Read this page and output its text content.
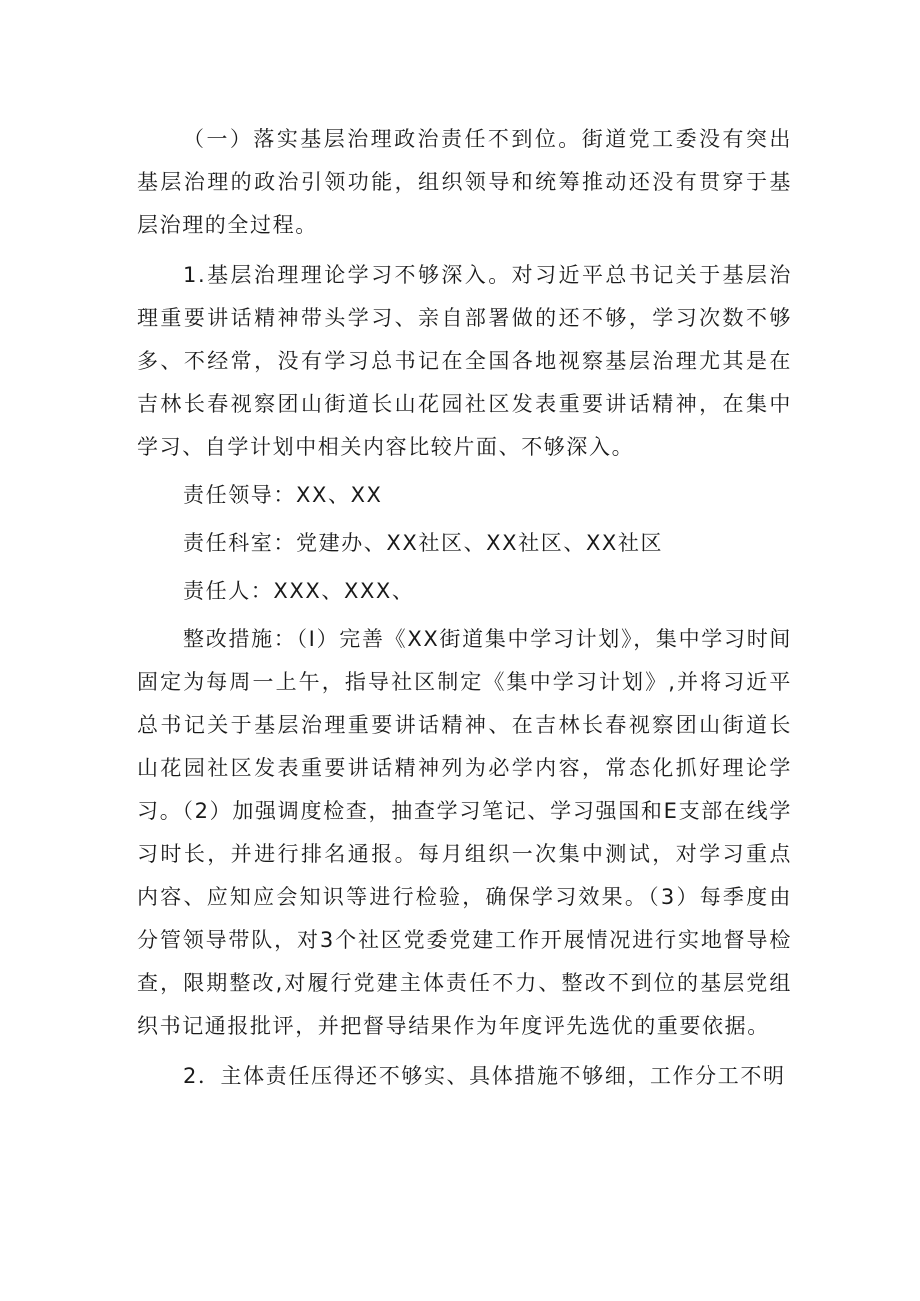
（一）落实基层治理政治责任不到位。街道党工委没有突出基层治理的政治引领功能，组织领导和统筹推动还没有贯穿于基层治理的全过程。

1.基层治理理论学习不够深入。对习近平总书记关于基层治理重要讲话精神带头学习、亲自部署做的还不够，学习次数不够多、不经常，没有学习总书记在全国各地视察基层治理尤其是在吉林长春视察团山街道长山花园社区发表重要讲话精神，在集中学习、自学计划中相关内容比较片面、不够深入。

责任领导：XX、XX

责任科室：党建办、XX社区、XX社区、XX社区

责任人：XXX、XXX、

整改措施：（I）完善《XX街道集中学习计划》，集中学习时间固定为每周一上午，指导社区制定《集中学习计划》,并将习近平总书记关于基层治理重要讲话精神、在吉林长春视察团山街道长山花园社区发表重要讲话精神列为必学内容，常态化抓好理论学习。（2）加强调度检查，抽查学习笔记、学习强国和E支部在线学习时长，并进行排名通报。每月组织一次集中测试，对学习重点内容、应知应会知识等进行检验，确保学习效果。（3）每季度由分管领导带队，对3个社区党委党建工作开展情况进行实地督导检查，限期整改,对履行党建主体责任不力、整改不到位的基层党组织书记通报批评，并把督导结果作为年度评先选优的重要依据。

2．主体责任压得还不够实、具体措施不够细，工作分工不明
